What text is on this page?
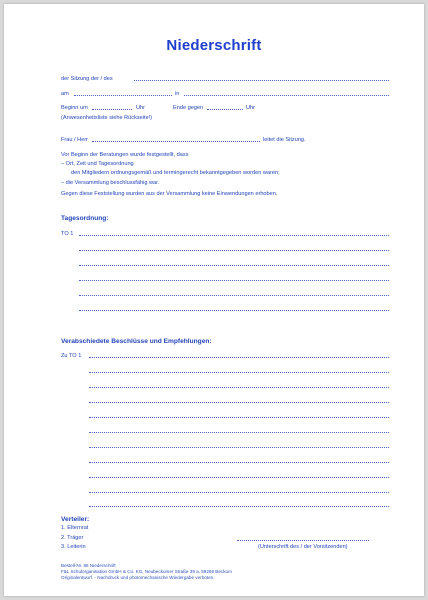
Niederschrift
der Sitzung der / des
am	in
Beginn um	Uhr	Ende gegen	Uhr
(Anwesenheitsliste siehe Rückseite!)
Frau / Herr	leitet die Sitzung.
Vor Beginn der Beratungen wurde festgestellt, dass
– Ort, Zeit und Tagesordnung
den Mitgliedern ordnungsgemäß und termingerecht bekanntgegeben worden waren;
– die Versammlung beschlussfähig war.
Gegen diese Feststellung wurden aus der Versammlung keine Einwendungen erhoben.
Tagesordnung:
TO 1
Verabschiedete Beschlüsse und Empfehlungen:
Zu TO 1
Verteiler:
1. Elternrat
2. Träger
3. Leiterin	(Unterschrift des / der Vorsitzenden)
Bestell-Nr. 86 Niederschrift
F&L Schulorganisation GmbH & Co. KG, Neubeckumer Straße 39 a, 59269 Beckum
Originalentwurf. - Nachdruck und photomechanische Wiedergabe verboten.
